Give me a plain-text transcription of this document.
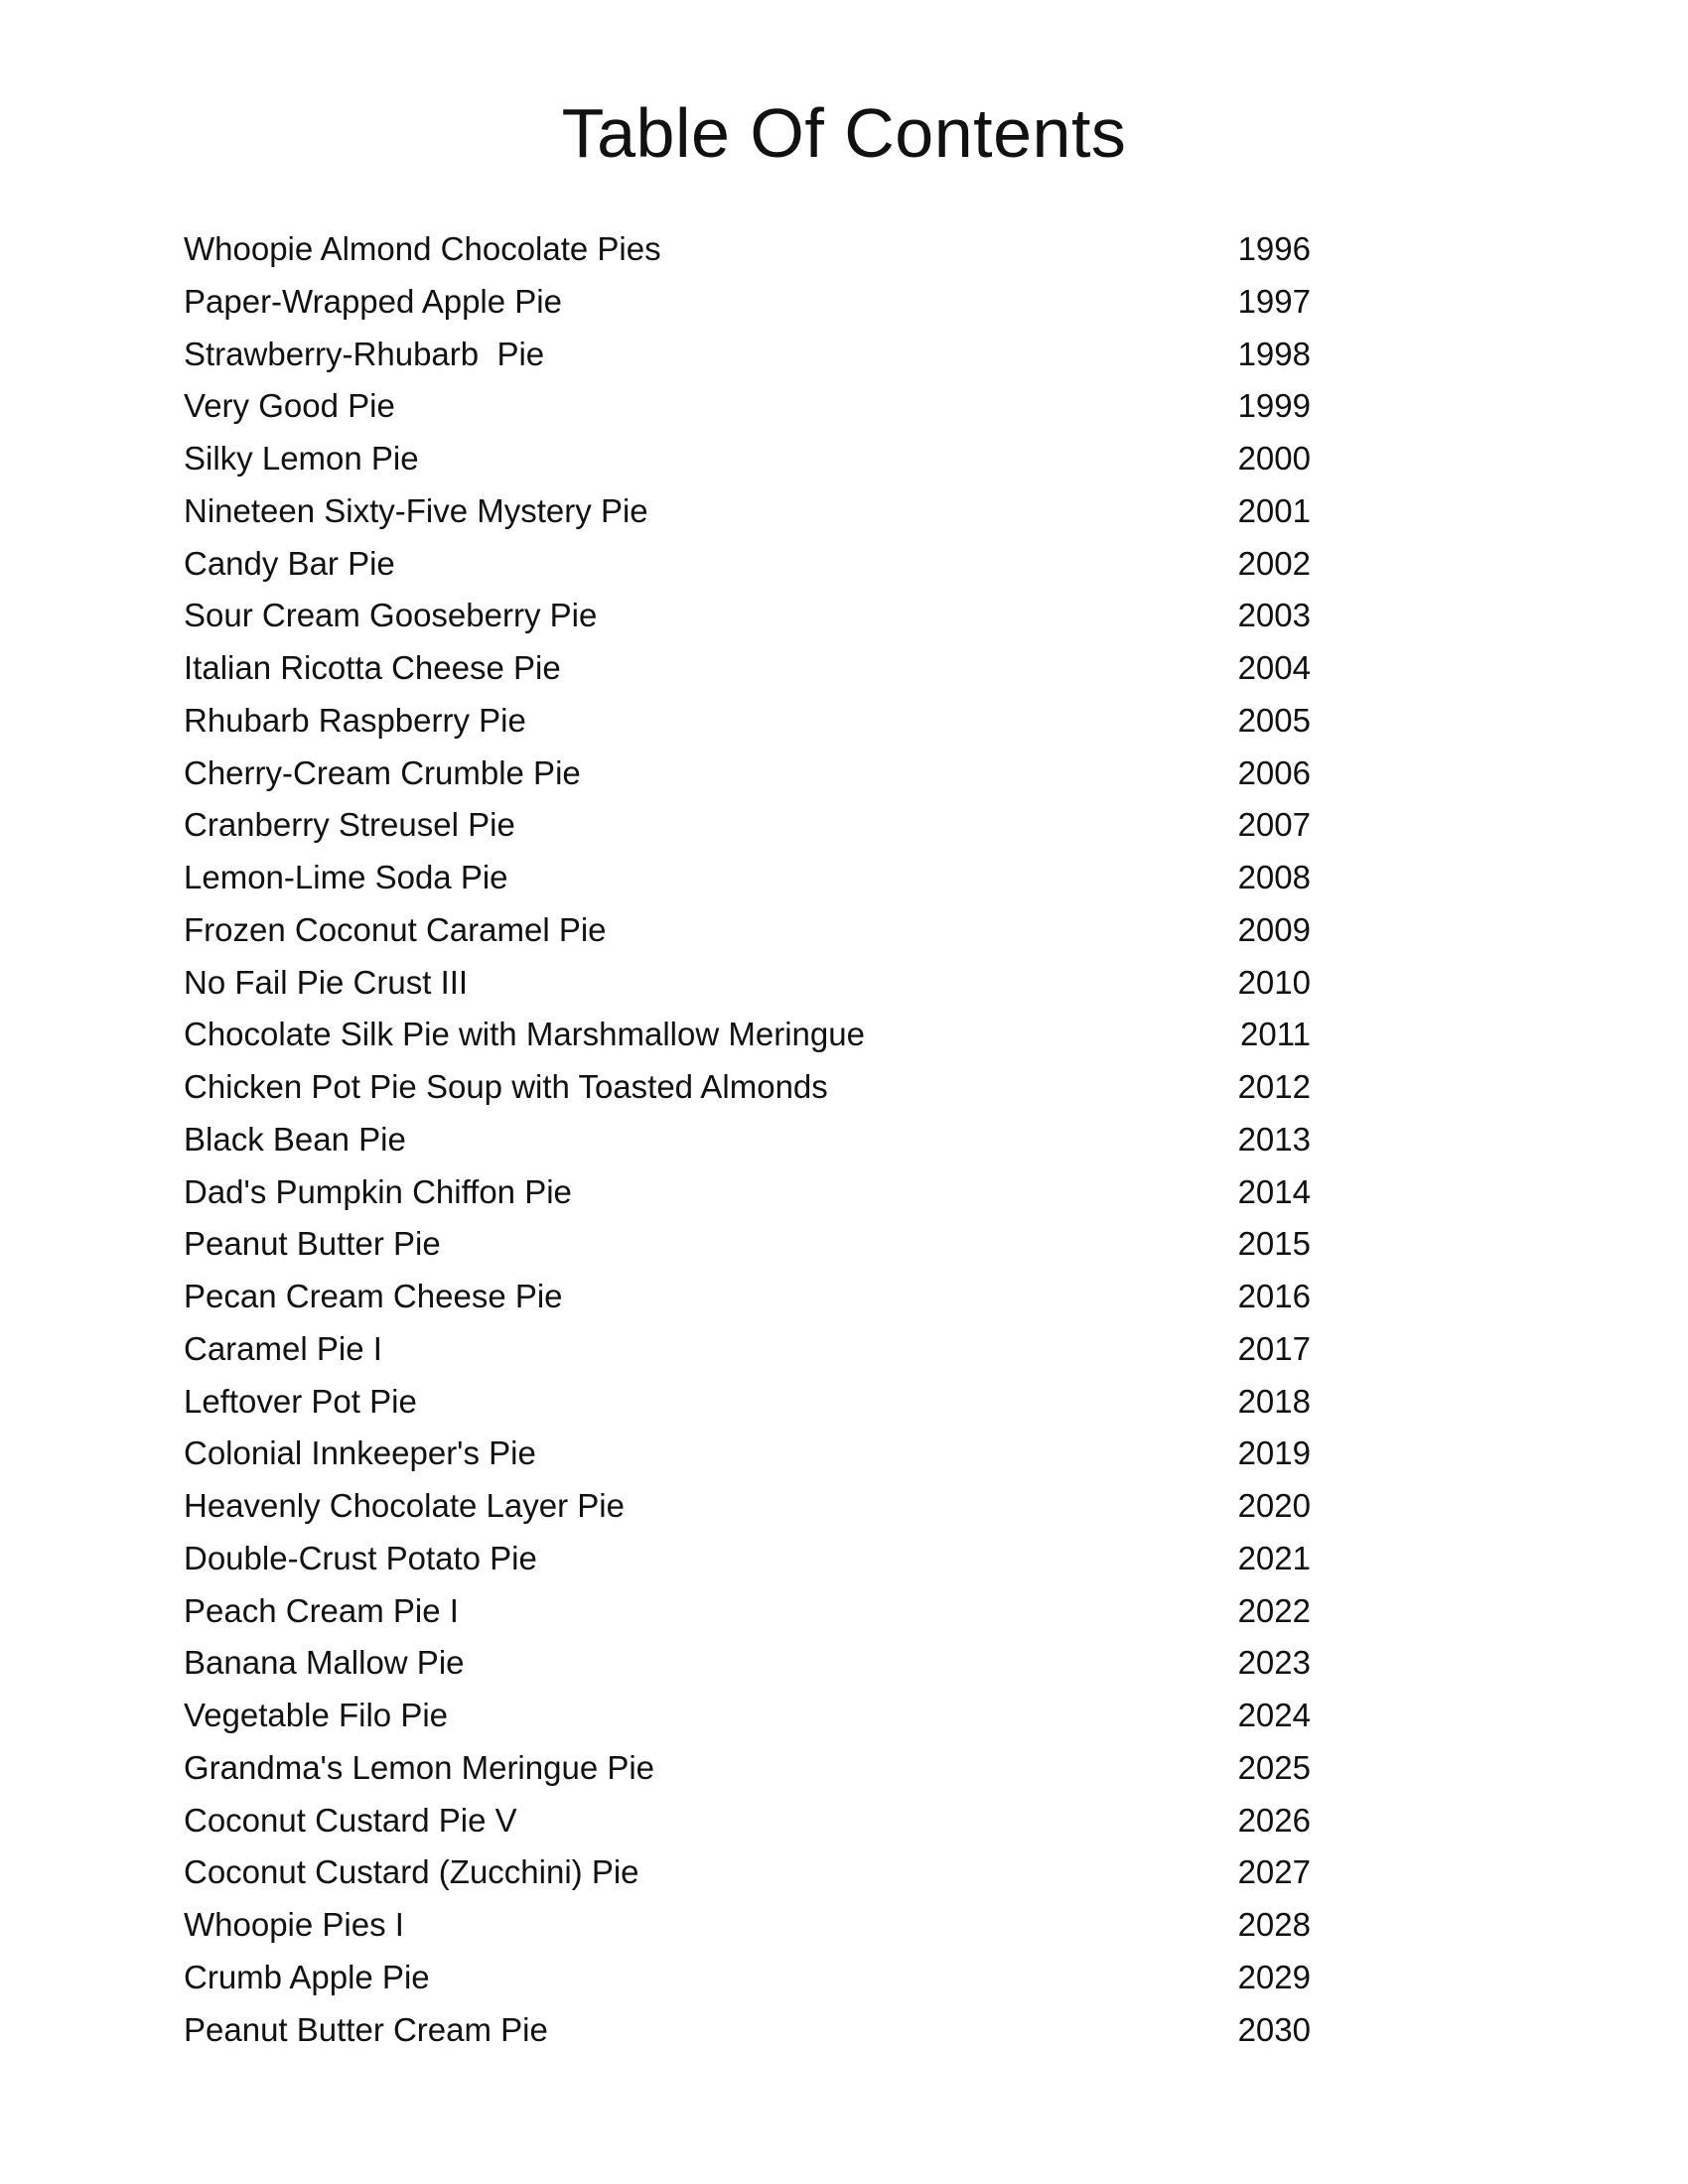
Table Of Contents
Whoopie Almond Chocolate Pies	1996
Paper-Wrapped Apple Pie	1997
Strawberry-Rhubarb  Pie	1998
Very Good Pie	1999
Silky Lemon Pie	2000
Nineteen Sixty-Five Mystery Pie	2001
Candy Bar Pie	2002
Sour Cream Gooseberry Pie	2003
Italian Ricotta Cheese Pie	2004
Rhubarb Raspberry Pie	2005
Cherry-Cream Crumble Pie	2006
Cranberry Streusel Pie	2007
Lemon-Lime Soda Pie	2008
Frozen Coconut Caramel Pie	2009
No Fail Pie Crust III	2010
Chocolate Silk Pie with Marshmallow Meringue	2011
Chicken Pot Pie Soup with Toasted Almonds	2012
Black Bean Pie	2013
Dad's Pumpkin Chiffon Pie	2014
Peanut Butter Pie	2015
Pecan Cream Cheese Pie	2016
Caramel Pie I	2017
Leftover Pot Pie	2018
Colonial Innkeeper's Pie	2019
Heavenly Chocolate Layer Pie	2020
Double-Crust Potato Pie	2021
Peach Cream Pie I	2022
Banana Mallow Pie	2023
Vegetable Filo Pie	2024
Grandma's Lemon Meringue Pie	2025
Coconut Custard Pie V	2026
Coconut Custard (Zucchini) Pie	2027
Whoopie Pies I	2028
Crumb Apple Pie	2029
Peanut Butter Cream Pie	2030
